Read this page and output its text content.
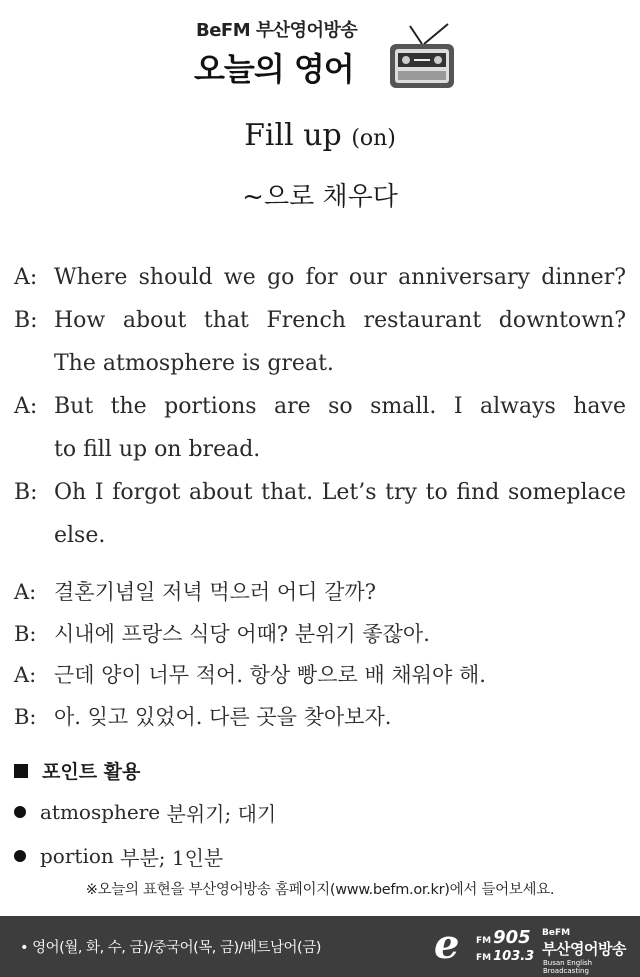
BeFM 부산영어방송
오늘의 영어
Fill up (on)
~으로 채우다
A: Where should we go for our anniversary dinner?
B: How about that French restaurant downtown?
The atmosphere is great.
A: But the portions are so small. I always have
to fill up on bread.
B: Oh I forgot about that. Let’s try to find someplace
else.
A: 결혼기념일 저녁 먹으러 어디 갈까?
B: 시내에 프랑스 식당 어때? 분위기 좋잖아.
A: 근데 양이 너무 적어. 항상 빵으로 배 채워야 해.
B: 아. 잊고 있었어. 다른 곳을 찾아보자.
포인트 활용
atmosphere
분위기; 대기
portion
부분; 1인분
※오늘의 표현을 부산영어방송 홈페이지(www.befm.or.kr)에서 들어보세요.
• 영어(월, 화, 수, 금)/중국어(목, 금)/베트남어(금)	e FM 905
FM 103.3
BeFM
부산영어방송
Busan English Broadcasting
